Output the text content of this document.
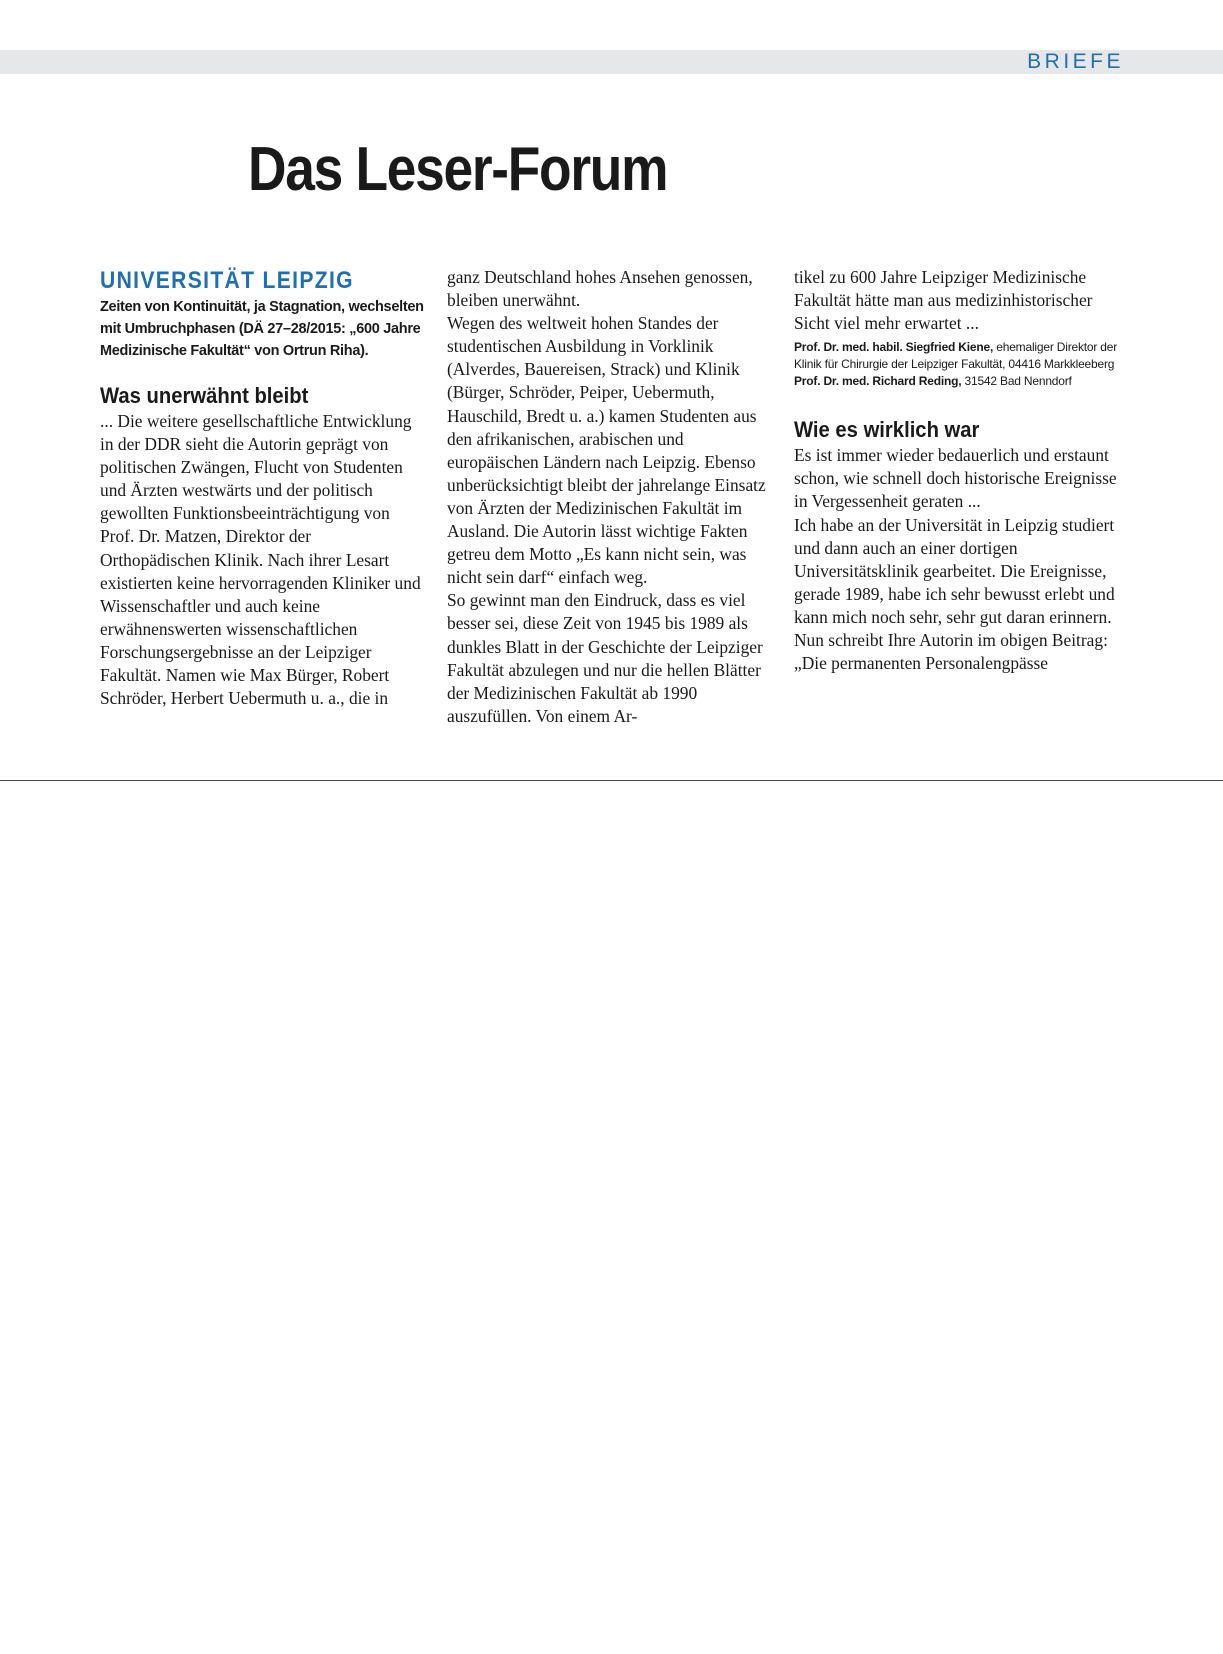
BRIEFE
Das Leser-Forum
UNIVERSITÄT LEIPZIG

Zeiten von Kontinuität, ja Stagnation, wechselten mit Umbruchphasen (DÄ 27–28/2015: „600 Jahre Medizinische Fakultät“ von Ortrun Riha).

Was unerwähnt bleibt

... Die weitere gesellschaftliche Entwicklung in der DDR sieht die Autorin geprägt von politischen Zwängen, Flucht von Studenten und Ärzten westwärts und der politisch gewollten Funktionsbeeinträchtigung von Prof. Dr. Matzen, Direktor der Orthopädischen Klinik. Nach ihrer Lesart existierten keine hervorragenden Kliniker und Wissenschaftler und auch keine erwähnenswerten wissenschaftlichen Forschungsergebnisse an der Leipziger Fakultät. Namen wie Max Bürger, Robert Schröder, Herbert Uebermuth u. a., die in

ganz Deutschland hohes Ansehen genossen, bleiben unerwähnt.

Wegen des weltweit hohen Standes der studentischen Ausbildung in Vorklinik (Alverdes, Bauereisen, Strack) und Klinik (Bürger, Schröder, Peiper, Uebermuth, Hauschild, Bredt u. a.) kamen Studenten aus den afrikanischen, arabischen und europäischen Ländern nach Leipzig. Ebenso unberücksichtigt bleibt der jahrelange Einsatz von Ärzten der Medizinischen Fakultät im Ausland. Die Autorin lässt wichtige Fakten getreu dem Motto „Es kann nicht sein, was nicht sein darf“ einfach weg.

So gewinnt man den Eindruck, dass es viel besser sei, diese Zeit von 1945 bis 1989 als dunkles Blatt in der Geschichte der Leipziger Fakultät abzulegen und nur die hellen Blätter der Medizinischen Fakultät ab 1990 auszufüllen. Von einem Ar-

tikel zu 600 Jahre Leipziger Medizinische Fakultät hätte man aus medizinhistorischer Sicht viel mehr erwartet ...

Prof. Dr. med. habil. Siegfried Kiene, ehemaliger Direktor der Klinik für Chirurgie der Leipziger Fakultät, 04416 Markkleeberg

Prof. Dr. med. Richard Reding, 31542 Bad Nenndorf

Wie es wirklich war

Es ist immer wieder bedauerlich und erstaunt schon, wie schnell doch historische Ereignisse in Vergessenheit geraten ...

Ich habe an der Universität in Leipzig studiert und dann auch an einer dortigen Universitätsklinik gearbeitet. Die Ereignisse, gerade 1989, habe ich sehr bewusst erlebt und kann mich noch sehr, sehr gut daran erinnern.

Nun schreibt Ihre Autorin im obigen Beitrag: „Die permanenten Personalengpässe
